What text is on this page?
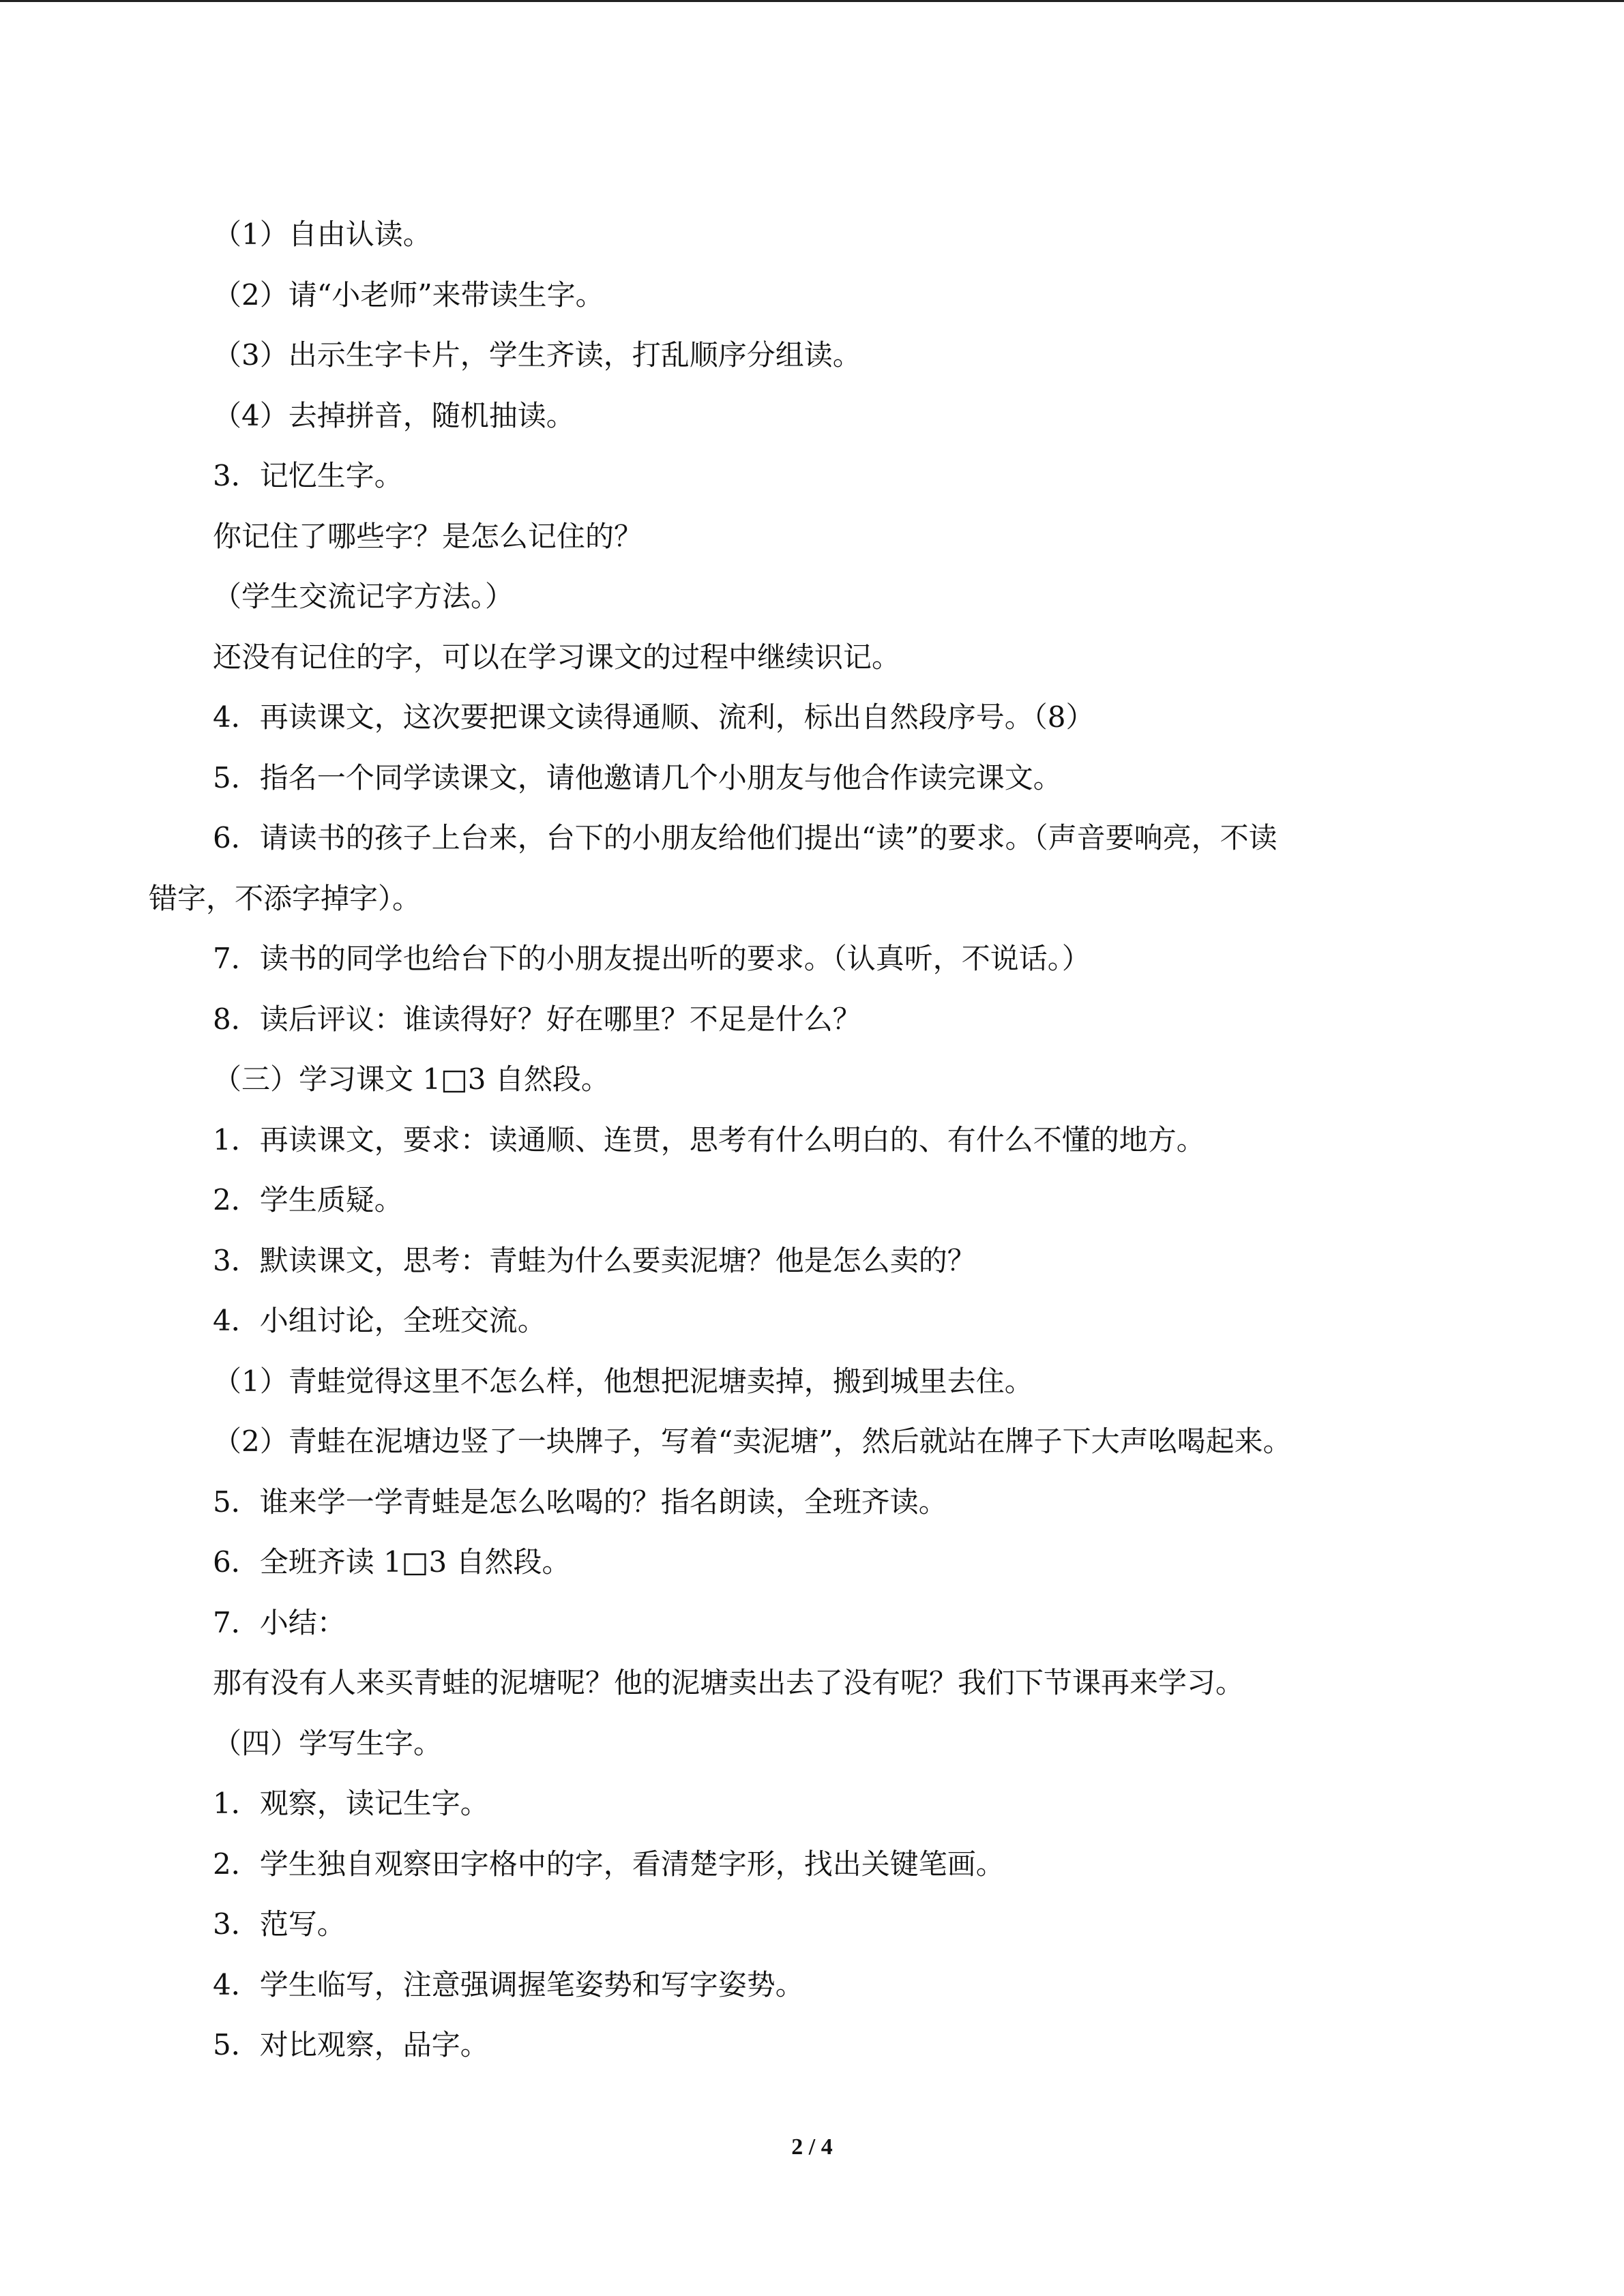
（1）自由认读。
（2）请“小老师”来带读生字。
（3）出示生字卡片，学生齐读，打乱顺序分组读。
（4）去掉拼音，随机抽读。
3．记忆生字。
你记住了哪些字？是怎么记住的？
（学生交流记字方法。）
还没有记住的字，可以在学习课文的过程中继续识记。
4．再读课文，这次要把课文读得通顺、流利，标出自然段序号。（8）
5．指名一个同学读课文，请他邀请几个小朋友与他合作读完课文。
6．请读书的孩子上台来，台下的小朋友给他们提出“读”的要求。（声音要响亮，不读
错字，不添字掉字）。
7．读书的同学也给台下的小朋友提出听的要求。（认真听，不说话。）
8．读后评议：谁读得好？好在哪里？不足是什么？
（三）学习课文 1□3 自然段。
1．再读课文，要求：读通顺、连贯，思考有什么明白的、有什么不懂的地方。
2．学生质疑。
3．默读课文，思考：青蛙为什么要卖泥塘？他是怎么卖的？
4．小组讨论，全班交流。
（1）青蛙觉得这里不怎么样，他想把泥塘卖掉，搬到城里去住。
（2）青蛙在泥塘边竖了一块牌子，写着“卖泥塘”，然后就站在牌子下大声吆喝起来。
5．谁来学一学青蛙是怎么吆喝的？指名朗读，全班齐读。
6．全班齐读 1□3 自然段。
7．小结：
那有没有人来买青蛙的泥塘呢？他的泥塘卖出去了没有呢？我们下节课再来学习。
（四）学写生字。
1．观察，读记生字。
2．学生独自观察田字格中的字，看清楚字形，找出关键笔画。
3．范写。
4．学生临写，注意强调握笔姿势和写字姿势。
5．对比观察，品字。
2 / 4
